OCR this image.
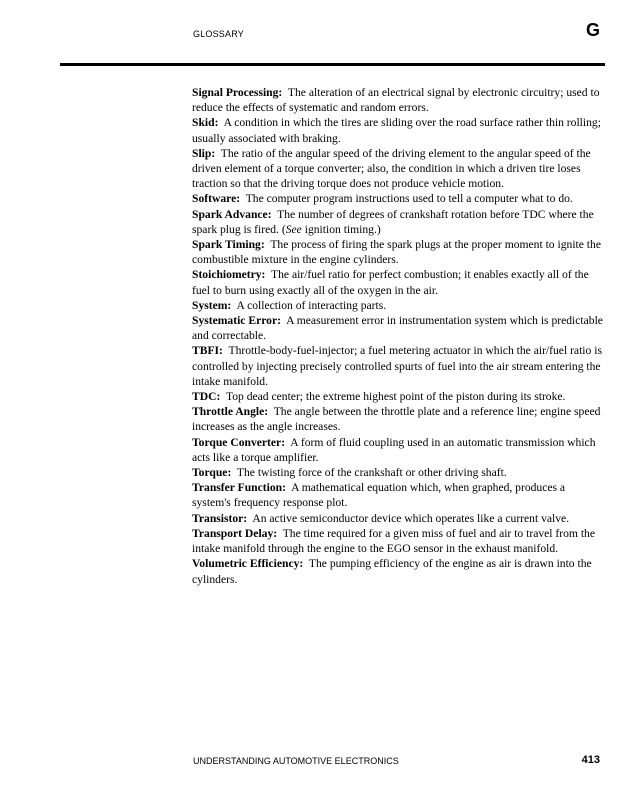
GLOSSARY	G

Signal Processing: The alteration of an electrical signal by electronic circuitry; used to reduce the effects of systematic and random errors.

Skid: A condition in which the tires are sliding over the road surface rather thin rolling; usually associated with braking.

Slip: The ratio of the angular speed of the driving element to the angular speed of the driven element of a torque converter; also, the condition in which a driven tire loses traction so that the driving torque does not produce vehicle motion.

Software: The computer program instructions used to tell a computer what to do.

Spark Advance: The number of degrees of crankshaft rotation before TDC where the spark plug is fired. (See ignition timing.)

Spark Timing: The process of firing the spark plugs at the proper moment to ignite the combustible mixture in the engine cylinders.

Stoichiometry: The air/fuel ratio for perfect combustion; it enables exactly all of the fuel to burn using exactly all of the oxygen in the air.

System: A collection of interacting parts.

Systematic Error: A measurement error in instrumentation system which is predictable and correctable.

TBFI: Throttle-body-fuel-injector; a fuel metering actuator in which the air/fuel ratio is controlled by injecting precisely controlled spurts of fuel into the air stream entering the intake manifold.

TDC: Top dead center; the extreme highest point of the piston during its stroke.

Throttle Angle: The angle between the throttle plate and a reference line; engine speed increases as the angle increases.

Torque Converter: A form of fluid coupling used in an automatic transmission which acts like a torque amplifier.

Torque: The twisting force of the crankshaft or other driving shaft.

Transfer Function: A mathematical equation which, when graphed, produces a system's frequency response plot.

Transistor: An active semiconductor device which operates like a current valve.

Transport Delay: The time required for a given miss of fuel and air to travel from the intake manifold through the engine to the EGO sensor in the exhaust manifold.

Volumetric Efficiency: The pumping efficiency of the engine as air is drawn into the cylinders.

UNDERSTANDING AUTOMOTIVE ELECTRONICS	413
